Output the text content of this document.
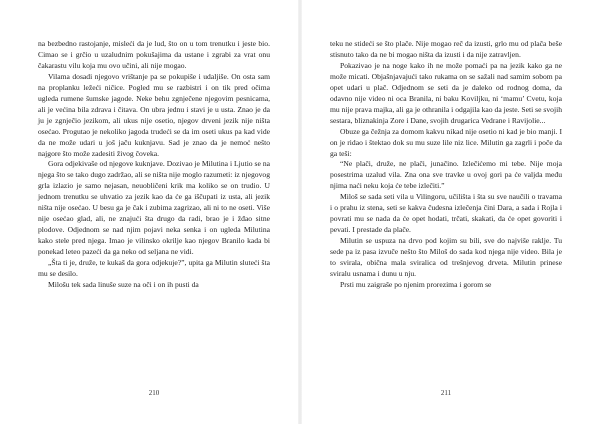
na bezbedno rastojanje, mislеći da je lud, što on u tom trenutku i jeste bio. Cimao se i grčio u uzaludnim pokušajima da ustane i zgrabi za vrat onu čakarastu vilu koja mu ovo učini, ali nije mogao.

Vilama dosadi njegovo vrištanje pa se pokupiše i udaljiše. On osta sam na proplanku ležeći ničice. Pogled mu se razbistri i on tik pred očima ugleda rumene šumske jagode. Neke behu zgnječene njegovim pesnicama, ali je većina bila zdrava i čitava. On ubra jednu i stavi je u usta. Znao je da ju je zgnječio jezikom, ali ukus nije osetio, njegov drveni jezik nije ništa osećao. Progutao je nekoliko jagoda trudeći se da im oseti ukus pa kad vide da ne može udari u još jaču kuknjavu. Sad je znao da je nemoć nešto najgore što može zadesiti živog čoveka.

Gora odjekivaše od njegove kuknjave. Dozivao je Milutina i Ljutio se na njega što se tako dugo zadržao, ali se ništa nije moglo razumeti: iz njegovog grla izlazio je samo nejasan, neuobličeni krik ma koliko se on trudio. U jednom trenutku se uhvatio za jezik kao da će ga iščupati iz usta, ali jezik ništa nije osećao. U besu ga je čak i zubima zagrizao, ali ni to ne oseti. Više nije osećao glad, ali, ne znajući šta drugo da radi, brao je i žđao sitne plodove. Odjednom se nad njim pojavi neka senka i on ugleda Milutina kako stele pred njega. Imao je vilinsko okrilje kao njegov Branilo kada bi ponekad leteo pazeći da ga neko od seljana ne vidi.

„Šta ti je, druže, te kukaš da gora odjekuje?”, upita ga Milutin slutеći šta mu se desilo.

Milošu tek sada linuše suze na oči i on ih pusti da

210

teku ne stideći se što plače. Nije mogao reč da izusti, grlo mu od plača beše stisnuto tako da ne bi mogao ništa da izusti i da nije zatravljen.

Pokazivao je na noge kako ih ne može pomaći pa na jezik kako ga ne može micati. Objašnjavajući tako rukama on se sažali nad samim sobom pa opet udari u plač. Odjednom se seti da je daleko od rodnog doma, da odavno nije video ni oca Branila, ni baku Koviljku, ni ‘mamu’ Cvetu, koja mu nije prava majka, ali ga je othranila i odgajila kao da jeste. Seti se svojih sestara, bliznakinja Zore i Dane, svojih drugarica Vedrane i Ravijolie...

Obuze ga čežnja za domom kakvu nikad nije osetio ni kad je bio manji. I on je ridao i štektao dok su mu suze lile niz lice. Milutin ga zagrli i poče da ga teši:

“Ne plači, druže, ne plači, junačino. Izlečićemo mi tebe. Nije moja posestrima uzalud vila. Zna ona sve travke u ovoj gori pa će valjda među njima naći neku koja će tebe izlečiti.”

Miloš se sada seti vila u Vilingoru, učilišta i šta su sve naučili o travama i o prahu iz stena, seti se kakva čudesna izlečenja čini Dara, a sada i Rojla i povrati mu se nada da će opet hodati, trčati, skakati, da će opet govoriti i pevati. I prestade da plače.

Milutin se uspuza na drvo pod kojim su bili, sve do najviše raklje. Tu sede pa iz pasa izvuče nešto što Miloš do sada kod njega nije video. Bila je to svirala, obična mala sviralica od trešnjevog drveta. Milutin prinese sviralu usnama i dunu u nju.

Prsti mu zaigraše po njenim prorezima i gorom se

211
